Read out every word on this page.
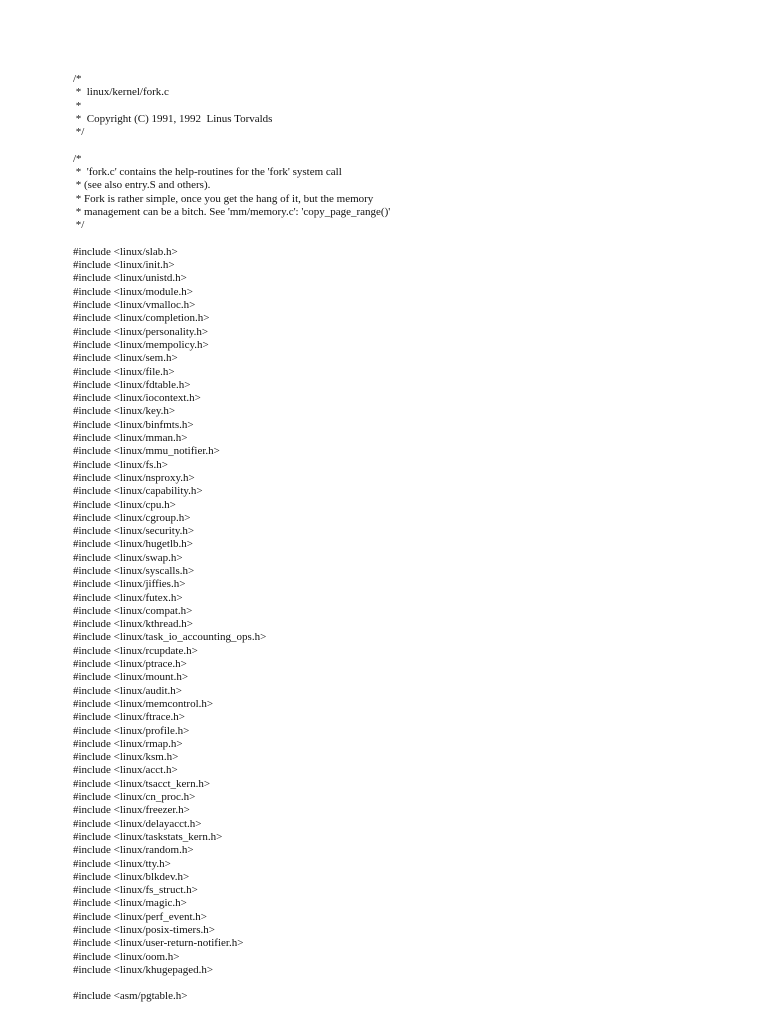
/*
*  linux/kernel/fork.c
*
*  Copyright (C) 1991, 1992  Linus Torvalds
*/
/*
*  'fork.c' contains the help-routines for the 'fork' system call
* (see also entry.S and others).
* Fork is rather simple, once you get the hang of it, but the memory
* management can be a bitch. See 'mm/memory.c': 'copy_page_range()'
*/
#include <linux/slab.h>
#include <linux/init.h>
#include <linux/unistd.h>
#include <linux/module.h>
#include <linux/vmalloc.h>
#include <linux/completion.h>
#include <linux/personality.h>
#include <linux/mempolicy.h>
#include <linux/sem.h>
#include <linux/file.h>
#include <linux/fdtable.h>
#include <linux/iocontext.h>
#include <linux/key.h>
#include <linux/binfmts.h>
#include <linux/mman.h>
#include <linux/mmu_notifier.h>
#include <linux/fs.h>
#include <linux/nsproxy.h>
#include <linux/capability.h>
#include <linux/cpu.h>
#include <linux/cgroup.h>
#include <linux/security.h>
#include <linux/hugetlb.h>
#include <linux/swap.h>
#include <linux/syscalls.h>
#include <linux/jiffies.h>
#include <linux/futex.h>
#include <linux/compat.h>
#include <linux/kthread.h>
#include <linux/task_io_accounting_ops.h>
#include <linux/rcupdate.h>
#include <linux/ptrace.h>
#include <linux/mount.h>
#include <linux/audit.h>
#include <linux/memcontrol.h>
#include <linux/ftrace.h>
#include <linux/profile.h>
#include <linux/rmap.h>
#include <linux/ksm.h>
#include <linux/acct.h>
#include <linux/tsacct_kern.h>
#include <linux/cn_proc.h>
#include <linux/freezer.h>
#include <linux/delayacct.h>
#include <linux/taskstats_kern.h>
#include <linux/random.h>
#include <linux/tty.h>
#include <linux/blkdev.h>
#include <linux/fs_struct.h>
#include <linux/magic.h>
#include <linux/perf_event.h>
#include <linux/posix-timers.h>
#include <linux/user-return-notifier.h>
#include <linux/oom.h>
#include <linux/khugepaged.h>
#include <asm/pgtable.h>
